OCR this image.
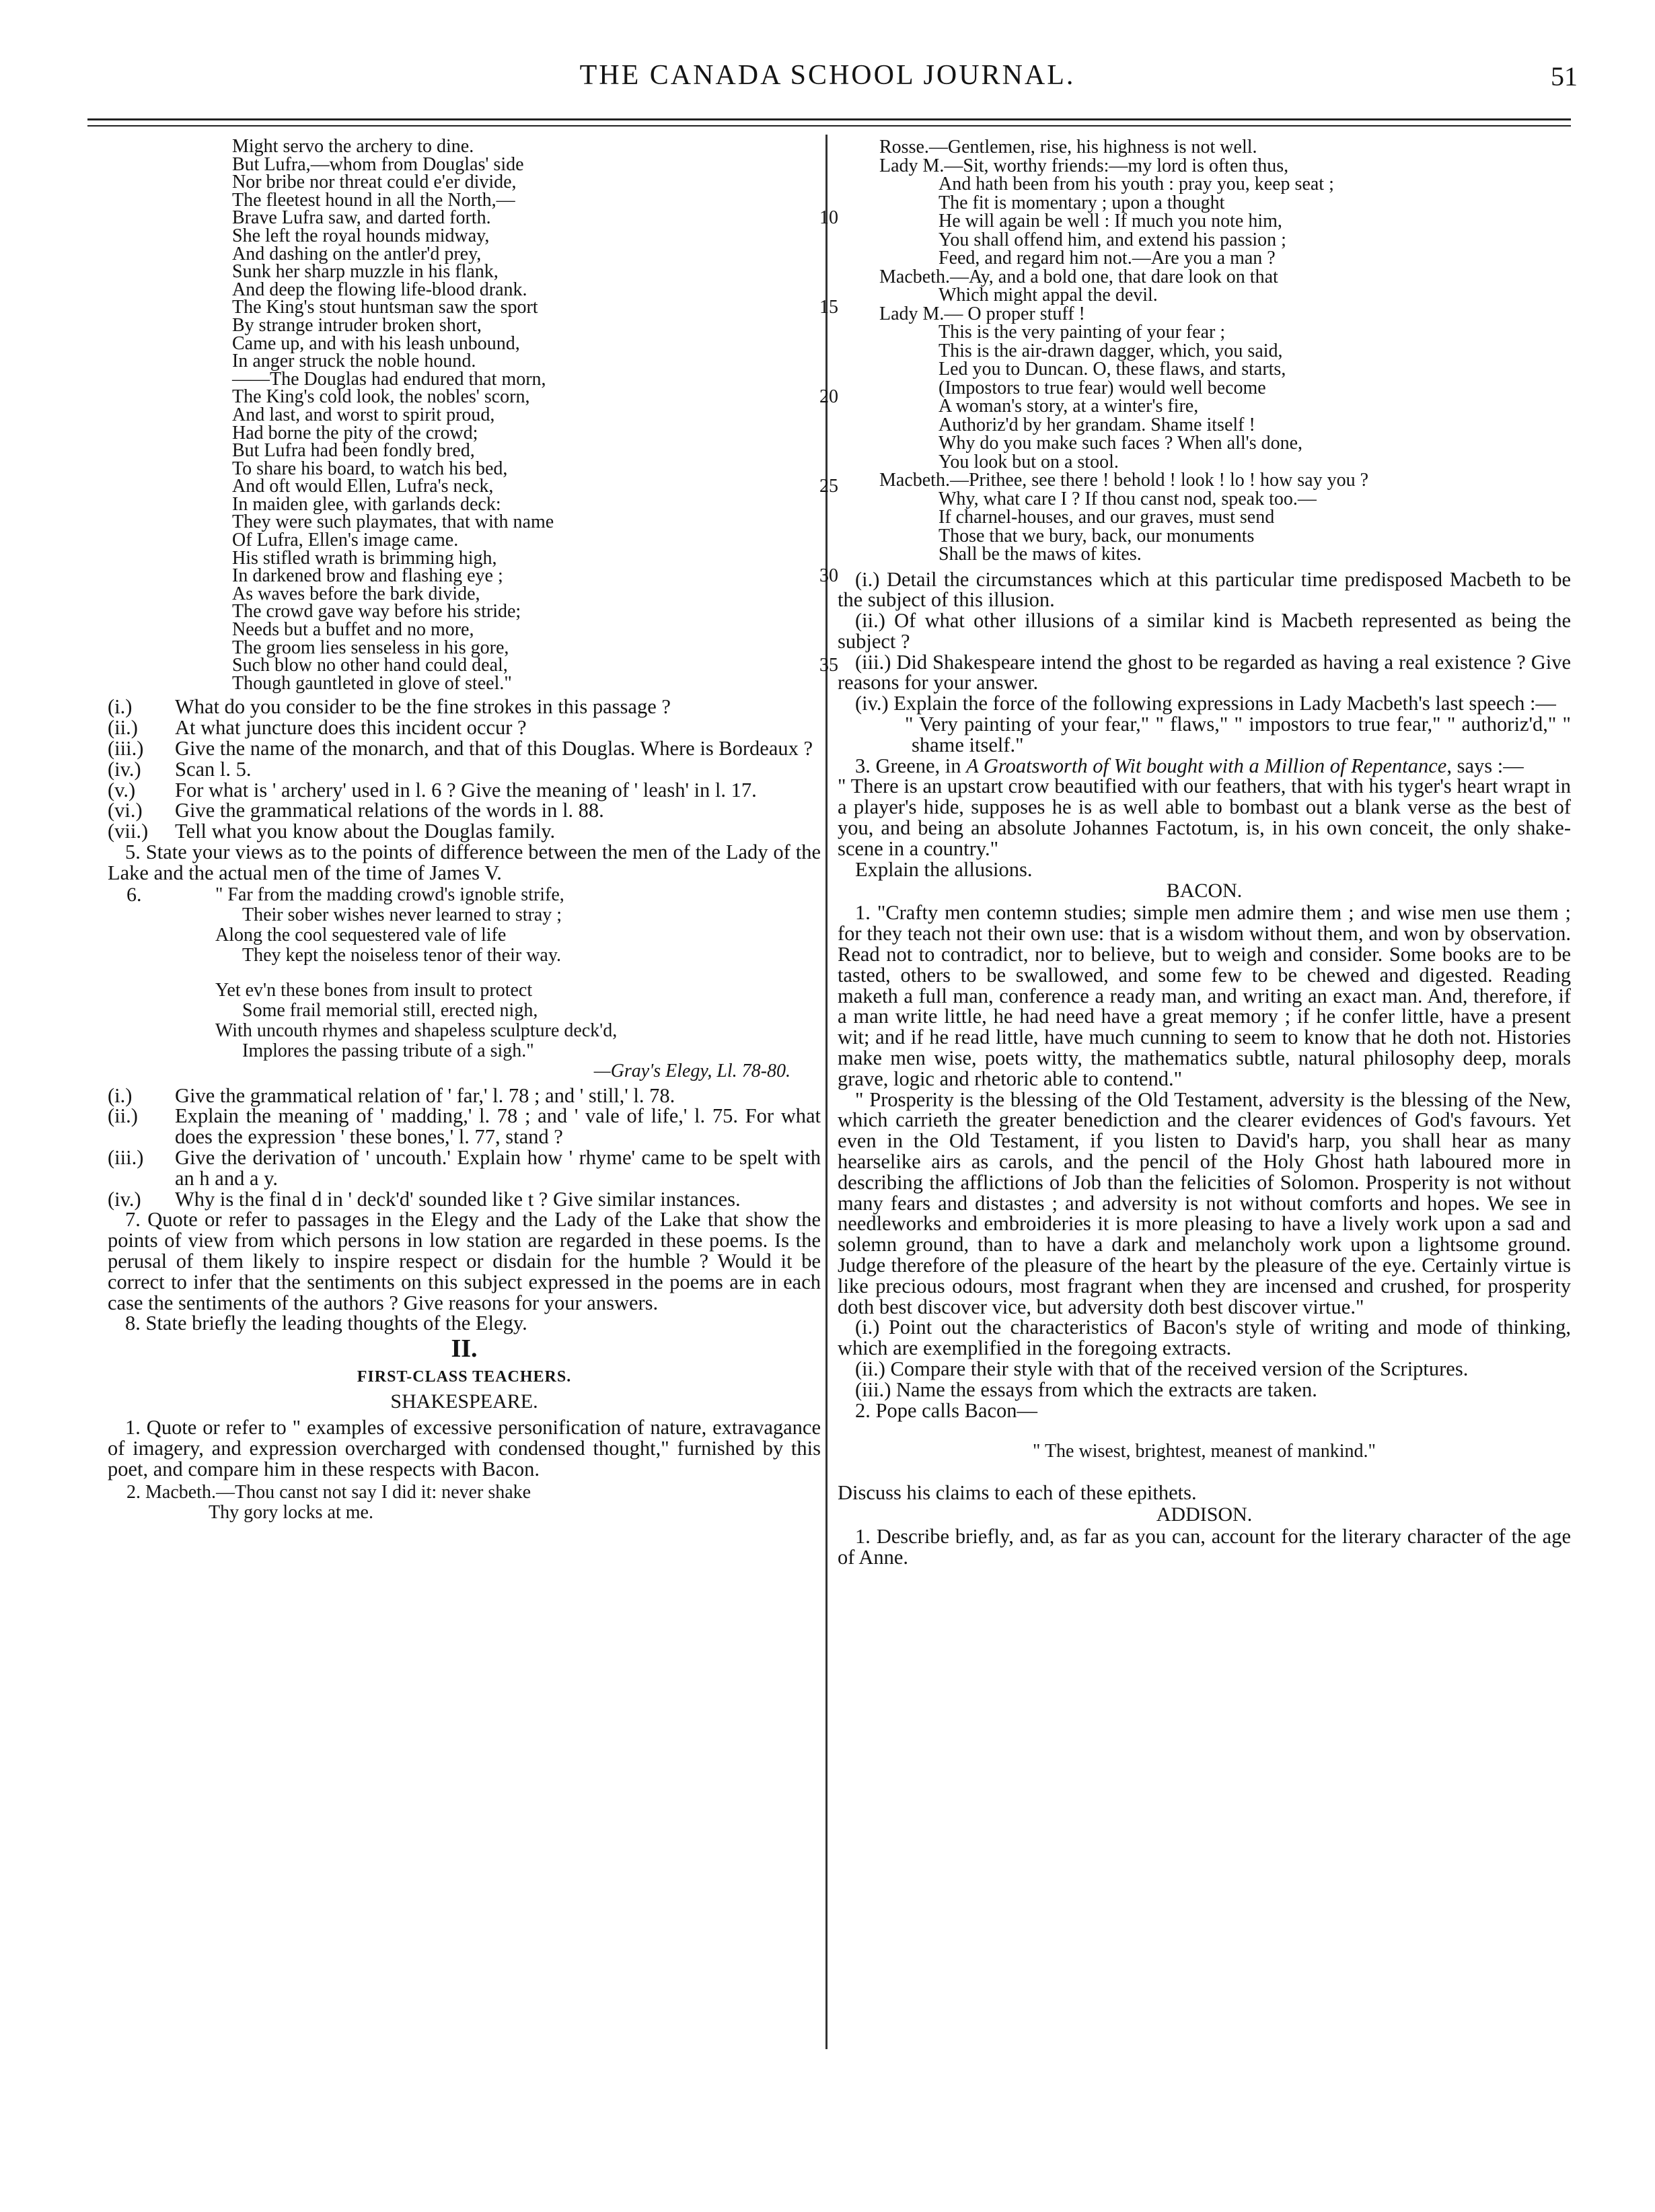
THE CANADA SCHOOL JOURNAL.	51
Might servo the archery to dine.
But Lufra,—whom from Douglas' side
Nor bribe nor threat could e'er divide,
The fleetest hound in all the North,—
Brave Lufra saw, and darted forth.	10
She left the royal hounds midway,
And dashing on the antler'd prey,
Sunk her sharp muzzle in his flank,
And deep the flowing life-blood drank.
The King's stout huntsman saw the sport	15
By strange intruder broken short,
Came up, and with his leash unbound,
In anger struck the noble hound.
——The Douglas had endured that morn,
The King's cold look, the nobles' scorn,	20
And last, and worst to spirit proud,
Had borne the pity of the crowd;
But Lufra had been fondly bred,
To share his board, to watch his bed,
And oft would Ellen, Lufra's neck,	25
In maiden glee, with garlands deck:
They were such playmates, that with name
Of Lufra, Ellen's image came.
His stifled wrath is brimming high,
In darkened brow and flashing eye ;	30
As waves before the bark divide,
The crowd gave way before his stride;
Needs but a buffet and no more,
The groom lies senseless in his gore,
Such blow no other hand could deal,	35
Though gauntleted in glove of steel."
(i.) What do you consider to be the fine strokes in this passage ?
(ii.) At what juncture does this incident occur ?
(iii.) Give the name of the monarch, and that of this Douglas. Where is Bordeaux ?
(iv.) Scan l. 5.
(v.) For what is ' archery' used in l. 6 ? Give the meaning of ' leash' in l. 17.
(vi.) Give the grammatical relations of the words in l. 88.
(vii.) Tell what you know about the Douglas family.

5. State your views as to the points of difference between the men of the Lady of the Lake and the actual men of the time of James V.

6.	" Far from the madding crowd's ignoble strife,
Their sober wishes never learned to stray ;
Along the cool sequestered vale of life
They kept the noiseless tenor of their way.
Yet ev'n these bones from insult to protect
Some frail memorial still, erected nigh,
With uncouth rhymes and shapeless sculpture deck'd,
Implores the passing tribute of a sigh."
—Gray's Elegy, Ll. 78-80.
(i.) Give the grammatical relation of ' far,' l. 78 ; and ' still,' l. 78.
(ii.) Explain the meaning of ' madding,' l. 78 ; and ' vale of life,' l. 75. For what does the expression ' these bones,' l. 77, stand ?
(iii.) Give the derivation of ' uncouth.' Explain how ' rhyme' came to be spelt with an h and a y.
(iv.) Why is the final d in ' deck'd' sounded like t ? Give similar instances.

7. Quote or refer to passages in the Elegy and the Lady of the Lake that show the points of view from which persons in low station are regarded in these poems. Is the perusal of them likely to inspire respect or disdain for the humble ? Would it be correct to infer that the sentiments on this subject expressed in the poems are in each case the sentiments of the authors ? Give reasons for your answers.

8. State briefly the leading thoughts of the Elegy.

II.

FIRST-CLASS TEACHERS.

SHAKESPEARE.

1. Quote or refer to " examples of excessive personification of nature, extravagance of imagery, and expression overcharged with condensed thought," furnished by this poet, and compare him in these respects with Bacon.

2. Macbeth.—Thou canst not say I did it: never shake

Thy gory locks at me.

Rosse.—Gentlemen, rise, his highness is not well.
Lady M.—Sit, worthy friends:—my lord is often thus,
And hath been from his youth : pray you, keep seat ;
The fit is momentary ; upon a thought
He will again be well : If much you note him,
You shall offend him, and extend his passion ;
Feed, and regard him not.—Are you a man ?
Macbeth.—Ay, and a bold one, that dare look on that
Which might appal the devil.
Lady M.— O proper stuff !
This is the very painting of your fear ;
This is the air-drawn dagger, which, you said,
Led you to Duncan. O, these flaws, and starts,
(Impostors to true fear) would well become
A woman's story, at a winter's fire,
Authoriz'd by her grandam. Shame itself !
Why do you make such faces ? When all's done,
You look but on a stool.
Macbeth.—Prithee, see there ! behold ! look ! lo ! how say you ?
Why, what care I ? If thou canst nod, speak too.—
If charnel-houses, and our graves, must send
Those that we bury, back, our monuments
Shall be the maws of kites.

(i.) Detail the circumstances which at this particular time predisposed Macbeth to be the subject of this illusion.

(ii.) Of what other illusions of a similar kind is Macbeth represented as being the subject ?

(iii.) Did Shakespeare intend the ghost to be regarded as having a real existence ? Give reasons for your answer.

(iv.) Explain the force of the following expressions in Lady Macbeth's last speech :—

" Very painting of your fear," " flaws," " impostors to true fear," " authoriz'd," " shame itself."

3. Greene, in A Groatsworth of Wit bought with a Million of Repentance, says :—

" There is an upstart crow beautified with our feathers, that with his tyger's heart wrapt in a player's hide, supposes he is as well able to bombast out a blank verse as the best of you, and being an absolute Johannes Factotum, is, in his own conceit, the only shake-scene in a country."

Explain the allusions.

BACON.

1. "Crafty men contemn studies; simple men admire them ; and wise men use them ; for they teach not their own use: that is a wisdom without them, and won by observation. Read not to contradict, nor to believe, but to weigh and consider. Some books are to be tasted, others to be swallowed, and some few to be chewed and digested. Reading maketh a full man, conference a ready man, and writing an exact man. And, therefore, if a man write little, he had need have a great memory ; if he confer little, have a present wit; and if he read little, have much cunning to seem to know that he doth not. Histories make men wise, poets witty, the mathematics subtle, natural philosophy deep, morals grave, logic and rhetoric able to contend."

" Prosperity is the blessing of the Old Testament, adversity is the blessing of the New, which carrieth the greater benediction and the clearer evidences of God's favours. Yet even in the Old Testament, if you listen to David's harp, you shall hear as many hearselike airs as carols, and the pencil of the Holy Ghost hath laboured more in describing the afflictions of Job than the felicities of Solomon. Prosperity is not without many fears and distastes ; and adversity is not without comforts and hopes. We see in needleworks and embroideries it is more pleasing to have a lively work upon a sad and solemn ground, than to have a dark and melancholy work upon a lightsome ground. Judge therefore of the pleasure of the heart by the pleasure of the eye. Certainly virtue is like precious odours, most fragrant when they are incensed and crushed, for prosperity doth best discover vice, but adversity doth best discover virtue."

(i.) Point out the characteristics of Bacon's style of writing and mode of thinking, which are exemplified in the foregoing extracts.

(ii.) Compare their style with that of the received version of the Scriptures.

(iii.) Name the essays from which the extracts are taken.

2. Pope calls Bacon—

" The wisest, brightest, meanest of mankind."

Discuss his claims to each of these epithets.

ADDISON.

1. Describe briefly, and, as far as you can, account for the literary character of the age of Anne.
